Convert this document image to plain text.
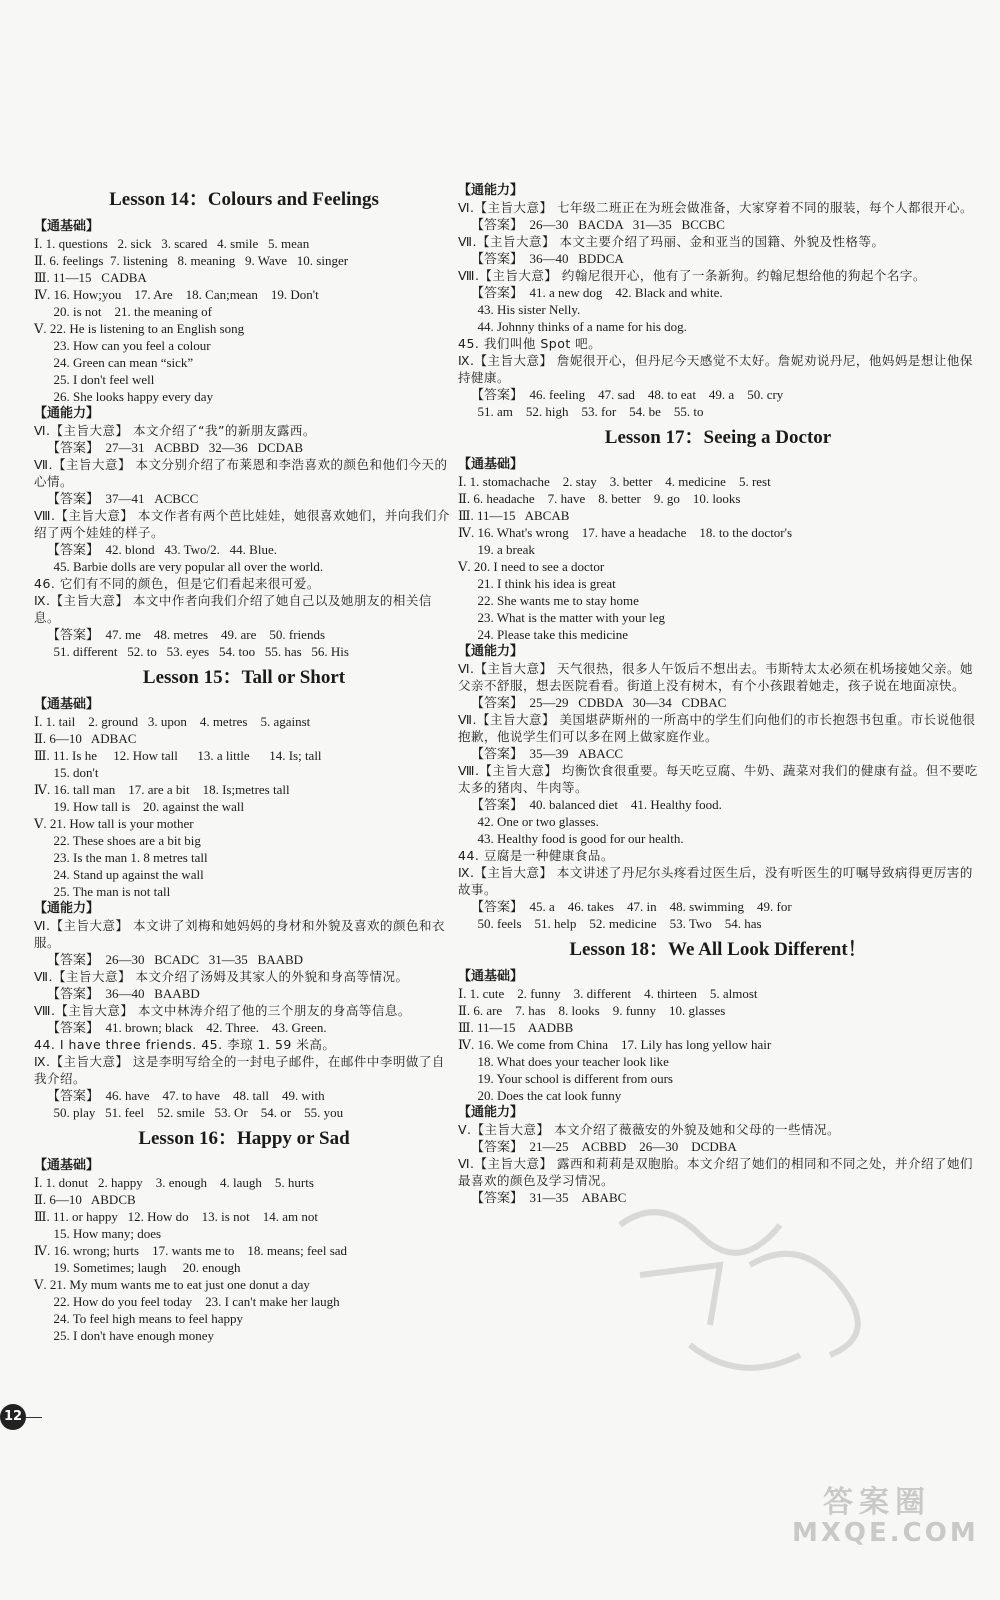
Lesson 14：Colours and Feelings
【通基础】
Ⅰ. 1. questions   2. sick   3. scared   4. smile   5. mean
Ⅱ. 6. feelings  7. listening   8. meaning   9. Wave   10. singer
Ⅲ. 11—15   CADBA
Ⅳ. 16. How;you    17. Are    18. Can;mean    19. Don't
20. is not    21. the meaning of
Ⅴ. 22. He is listening to an English song
23. How can you feel a colour
24. Green can mean “sick”
25. I don't feel well
26. She looks happy every day
【通能力】
Ⅵ.【主旨大意】 本文介绍了“我”的新朋友露西。
【答案】  27—31   ACBBD   32—36   DCDAB
Ⅶ.【主旨大意】 本文分别介绍了布莱恩和李浩喜欢的颜色和他们今天的心情。
【答案】  37—41   ACBCC
Ⅷ.【主旨大意】 本文作者有两个芭比娃娃，她很喜欢她们，并向我们介绍了两个娃娃的样子。
【答案】  42. blond   43. Two/2.   44. Blue.
45. Barbie dolls are very popular all over the world.
46. 它们有不同的颜色，但是它们看起来很可爱。
Ⅸ.【主旨大意】 本文中作者向我们介绍了她自己以及她朋友的相关信息。
【答案】  47. me    48. metres    49. are    50. friends
51. different   52. to   53. eyes   54. too   55. has   56. His
Lesson 15：Tall or Short
【通基础】
Ⅰ. 1. tail    2. ground   3. upon    4. metres    5. against
Ⅱ. 6—10   ADBAC
Ⅲ. 11. Is he     12. How tall      13. a little      14. Is; tall
15. don't
Ⅳ. 16. tall man    17. are a bit    18. Is;metres tall
19. How tall is    20. against the wall
Ⅴ. 21. How tall is your mother
22. These shoes are a bit big
23. Is the man 1. 8 metres tall
24. Stand up against the wall
25. The man is not tall
【通能力】
Ⅵ.【主旨大意】 本文讲了刘梅和她妈妈的身材和外貌及喜欢的颜色和衣服。
【答案】  26—30   BCADC   31—35   BAABD
Ⅶ.【主旨大意】 本文介绍了汤姆及其家人的外貌和身高等情况。
【答案】  36—40   BAABD
Ⅷ.【主旨大意】 本文中林涛介绍了他的三个朋友的身高等信息。
【答案】  41. brown; black    42. Three.    43. Green.
44. I have three friends. 45. 李琼 1. 59 米高。
Ⅸ.【主旨大意】 这是李明写给全的一封电子邮件，在邮件中李明做了自我介绍。
【答案】  46. have    47. to have    48. tall    49. with
50. play   51. feel    52. smile   53. Or    54. or    55. you
Lesson 16：Happy or Sad
【通基础】
Ⅰ. 1. donut   2. happy    3. enough    4. laugh    5. hurts
Ⅱ. 6—10   ABDCB
Ⅲ. 11. or happy   12. How do    13. is not    14. am not
15. How many; does
Ⅳ. 16. wrong; hurts    17. wants me to    18. means; feel sad
19. Sometimes; laugh     20. enough
Ⅴ. 21. My mum wants me to eat just one donut a day
22. How do you feel today    23. I can't make her laugh
24. To feel high means to feel happy
25. I don't have enough money
【通能力】
Ⅵ.【主旨大意】 七年级二班正在为班会做准备，大家穿着不同的服装，每个人都很开心。
【答案】  26—30   BACDA   31—35   BCCBC
Ⅶ.【主旨大意】 本文主要介绍了玛丽、金和亚当的国籍、外貌及性格等。
【答案】  36—40   BDDCA
Ⅷ.【主旨大意】 约翰尼很开心，他有了一条新狗。约翰尼想给他的狗起个名字。
【答案】  41. a new dog    42. Black and white.
43. His sister Nelly.
44. Johnny thinks of a name for his dog.
45. 我们叫他 Spot 吧。
Ⅸ.【主旨大意】 詹妮很开心，但丹尼今天感觉不太好。詹妮劝说丹尼，他妈妈是想让他保持健康。
【答案】  46. feeling    47. sad    48. to eat    49. a    50. cry
51. am    52. high    53. for    54. be    55. to
Lesson 17：Seeing a Doctor
【通基础】
Ⅰ. 1. stomachache    2. stay    3. better    4. medicine    5. rest
Ⅱ. 6. headache    7. have    8. better    9. go    10. looks
Ⅲ. 11—15   ABCAB
Ⅳ. 16. What's wrong    17. have a headache    18. to the doctor's
19. a break
Ⅴ. 20. I need to see a doctor
21. I think his idea is great
22. She wants me to stay home
23. What is the matter with your leg
24. Please take this medicine
【通能力】
Ⅵ.【主旨大意】 天气很热，很多人午饭后不想出去。韦斯特太太必须在机场接她父亲。她父亲不舒服，想去医院看看。街道上没有树木，有个小孩跟着她走，孩子说在地面凉快。
【答案】  25—29   CDBDA   30—34   CDBAC
Ⅶ.【主旨大意】 美国堪萨斯州的一所高中的学生们向他们的市长抱怨书包重。市长说他很抱歉，他说学生们可以多在网上做家庭作业。
【答案】  35—39   ABACC
Ⅷ.【主旨大意】 均衡饮食很重要。每天吃豆腐、牛奶、蔬菜对我们的健康有益。但不要吃太多的猪肉、牛肉等。
【答案】  40. balanced diet    41. Healthy food.
42. One or two glasses.
43. Healthy food is good for our health.
44. 豆腐是一种健康食品。
Ⅸ.【主旨大意】 本文讲述了丹尼尔头疼看过医生后，没有听医生的叮嘱导致病得更厉害的故事。
【答案】  45. a    46. takes    47. in    48. swimming    49. for
50. feels    51. help    52. medicine    53. Two    54. has
Lesson 18：We All Look Different！
【通基础】
Ⅰ. 1. cute    2. funny    3. different    4. thirteen    5. almost
Ⅱ. 6. are    7. has    8. looks    9. funny    10. glasses
Ⅲ. 11—15    AADBB
Ⅳ. 16. We come from China    17. Lily has long yellow hair
18. What does your teacher look like
19. Your school is different from ours
20. Does the cat look funny
【通能力】
Ⅴ.【主旨大意】 本文介绍了薇薇安的外貌及她和父母的一些情况。
【答案】  21—25    ACBBD    26—30    DCDBA
Ⅵ.【主旨大意】 露西和莉莉是双胞胎。本文介绍了她们的相同和不同之处，并介绍了她们最喜欢的颜色及学习情况。
【答案】  31—35    ABABC
12
答案圈
MXQE.COM
